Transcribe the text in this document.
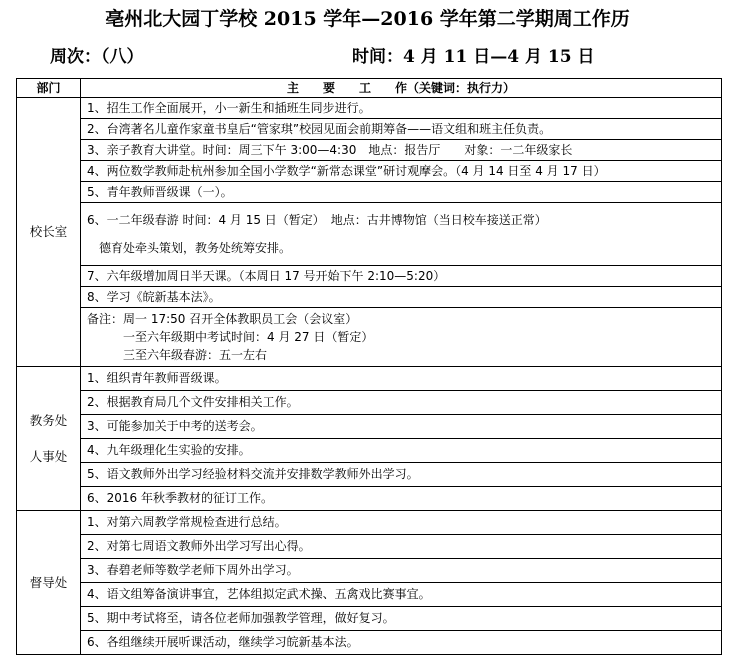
亳州北大园丁学校 2015 学年—2016 学年第二学期周工作历
周次：（八）	时间：4 月 11 日—4 月 15 日
部门	主　　要　　工　　作（关键词：执行力）

校长室	1、招生工作全面展开，小一新生和插班生同步进行。
	2、台湾著名儿童作家童书皇后“管家琪”校园见面会前期筹备——语文组和班主任负责。
	3、亲子教育大讲堂。时间：周三下午 3:00—4:30　地点：报告厅　　对象：一二年级家长
	4、两位数学教师赴杭州参加全国小学数学“新常态课堂”研讨观摩会。（4 月 14 日至 4 月 17 日）
	5、青年教师晋级课（一）。

	6、一二年级春游 时间：4 月 15 日（暂定）　地点：古井博物馆（当日校车接送正常）
　德育处牵头策划，教务处统筹安排。

	7、六年级增加周日半天课。（本周日 17 号开始下午 2:10—5:20）
	8、学习《皖新基本法》。

	备注：周一 17:50 召开全体教职员工会（会议室）
　　　一至六年级期中考试时间：4 月 27 日（暂定）
　　　三至六年级春游：五一左右

教务处
人事处	1、组织青年教师晋级课。
	2、根据教育局几个文件安排相关工作。
	3、可能参加关于中考的送考会。
	4、九年级理化生实验的安排。
	5、语文教师外出学习经验材料交流并安排数学教师外出学习。
	6、2016 年秋季教材的征订工作。

督导处	1、对第六周教学常规检查进行总结。
	2、对第七周语文教师外出学习写出心得。
	3、春碧老师等数学老师下周外出学习。
	4、语文组筹备演讲事宜，艺体组拟定武术操、五禽戏比赛事宜。
	5、期中考试将至，请各位老师加强教学管理，做好复习。
	6、各组继续开展听课活动，继续学习皖新基本法。
